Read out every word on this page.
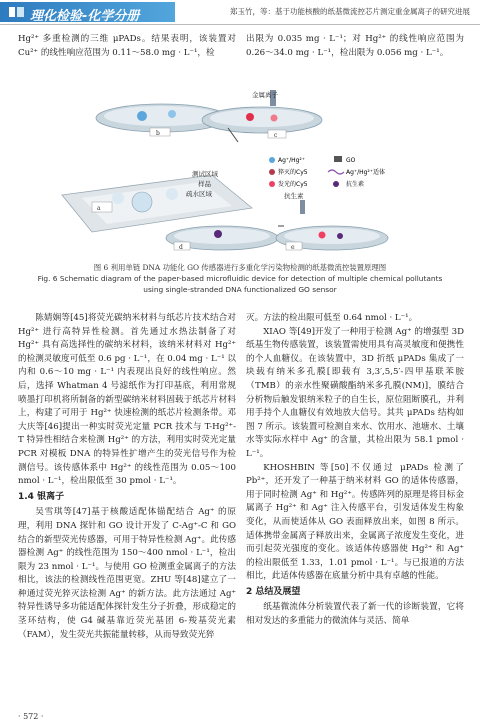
理化检验-化学分册	郑玉竹，等：基于功能核酸的纸基微流控芯片测定重金属离子的研究进展

Hg²⁺ 多重检测的三维 μPADs。结果表明，该装置对 Cu²⁺ 的线性响应范围为 0.11～58.0 mg · L⁻¹，检

出限为 0.035 mg · L⁻¹；对 Hg²⁺ 的线性响应范围为 0.26～34.0 mg · L⁻¹，检出限为 0.056 mg · L⁻¹。

b	c
金属离子
a
测试区域
样品
疏水区域
Ag⁺/Hg²⁺	GO
猝灭的Cy5	Ag⁺/Hg²⁺适体
发光的Cy5	抗生素
抗生素
d	e
图 6 利用单链 DNA 功能化 GO 传感器进行多重化学污染物检测的纸基微流控装置原理图
Fig. 6 Schematic diagram of the paper-based microfluidic device for detection of multiple chemical pollutants
using single-stranded DNA functionalized GO sensor

陈婧娴等[45]将荧光碳纳米材料与纸芯片技术结合对 Hg²⁺ 进行高特异性检测。首先通过水热法制备了对 Hg²⁺ 具有高选择性的碳纳米材料，该纳米材料对 Hg²⁺ 的检测灵敏度可低至 0.6 pg · L⁻¹，在 0.04 mg · L⁻¹ 以内和 0.6～10 mg · L⁻¹ 内表现出良好的线性响应。然后，选择 Whatman 4 号滤纸作为打印基底，利用常规喷墨打印机将所制备的新型碳纳米材料固载于纸芯片材料上，构建了可用于 Hg²⁺ 快速检测的纸芯片检测条带。邓大庆等[46]提出一种实时荧光定量 PCR 技术与 T-Hg²⁺-T 特异性相结合来检测 Hg²⁺ 的方法，利用实时荧光定量 PCR 对模板 DNA 的特异性扩增产生的荧光信号作为检测信号。该传感体系中 Hg²⁺ 的线性范围为 0.05～100 nmol · L⁻¹，检出限低至 30 pmol · L⁻¹。

1.4 银离子

吴雪琪等[47]基于核酸适配体锚配结合 Ag⁺ 的原理，利用 DNA 探针和 GO 设计开发了 C-Ag⁺-C 和 GO 结合的新型荧光传感器，可用于特异性检测 Ag⁺。此传感器检测 Ag⁺ 的线性范围为 150～400 nmol · L⁻¹，检出限为 23 nmol · L⁻¹。与使用 GO 检测重金属离子的方法相比，该法的检测线性范围更宽。ZHU 等[48]建立了一种通过荧光猝灭法检测 Ag⁺ 的新方法。此方法通过 Ag⁺ 特异性诱导多功能适配体探针发生分子折叠，形成稳定的茎环结构，使 G4 碱基靠近荧光基团 6-羧基荧光素（FAM），发生荧光共振能量转移，从而导致荧光猝

灭。方法的检出限可低至 0.64 nmol · L⁻¹。

XIAO 等[49]开发了一种用于检测 Ag⁺ 的增强型 3D 纸基生物传感装置，该装置需使用具有高灵敏度和便携性的个人血糖仪。在该装置中，3D 折纸 μPADs 集成了一块载有纳米多孔膜[即载有 3,3′,5,5′-四甲基联苯胺（TMB）的亲水性聚磺酸酯纳米多孔膜(NM)]，膜结合分析物后触发银纳米粒子的自生长，原位阻断膜孔，并利用手持个人血糖仪有效地放大信号。其共 μPADs 结构如图 7 所示。该装置可检测自来水、饮用水、池塘水、土壤水等实际水样中 Ag⁺ 的含量，其检出限为 58.1 pmol · L⁻¹。

KHOSHBIN 等[50]不仅通过 μPADs 检测了 Pb²⁺，还开发了一种基于纳米材料 GO 的适体传感器，用于同时检测 Ag⁺ 和 Hg²⁺。传感阵列的原理是将目标金属离子 Hg²⁺ 和 Ag⁺ 注入传感平台，引发适体发生构象变化，从而使适体从 GO 表面释放出来，如图 8 所示。适体携带金属离子释放出来，金属离子浓度发生变化，进而引起荧光强度的变化。该适体传感器使 Hg²⁺ 和 Ag⁺ 的检出限低至 1.33，1.01 pmol · L⁻¹。与已报道的方法相比，此适体传感器在底量分析中具有卓越的性能。

2 总结及展望

纸基微流体分析装置代表了新一代的诊断装置，它将相对发达的多重能力的微流体与灵活、简单

· 572 ·
